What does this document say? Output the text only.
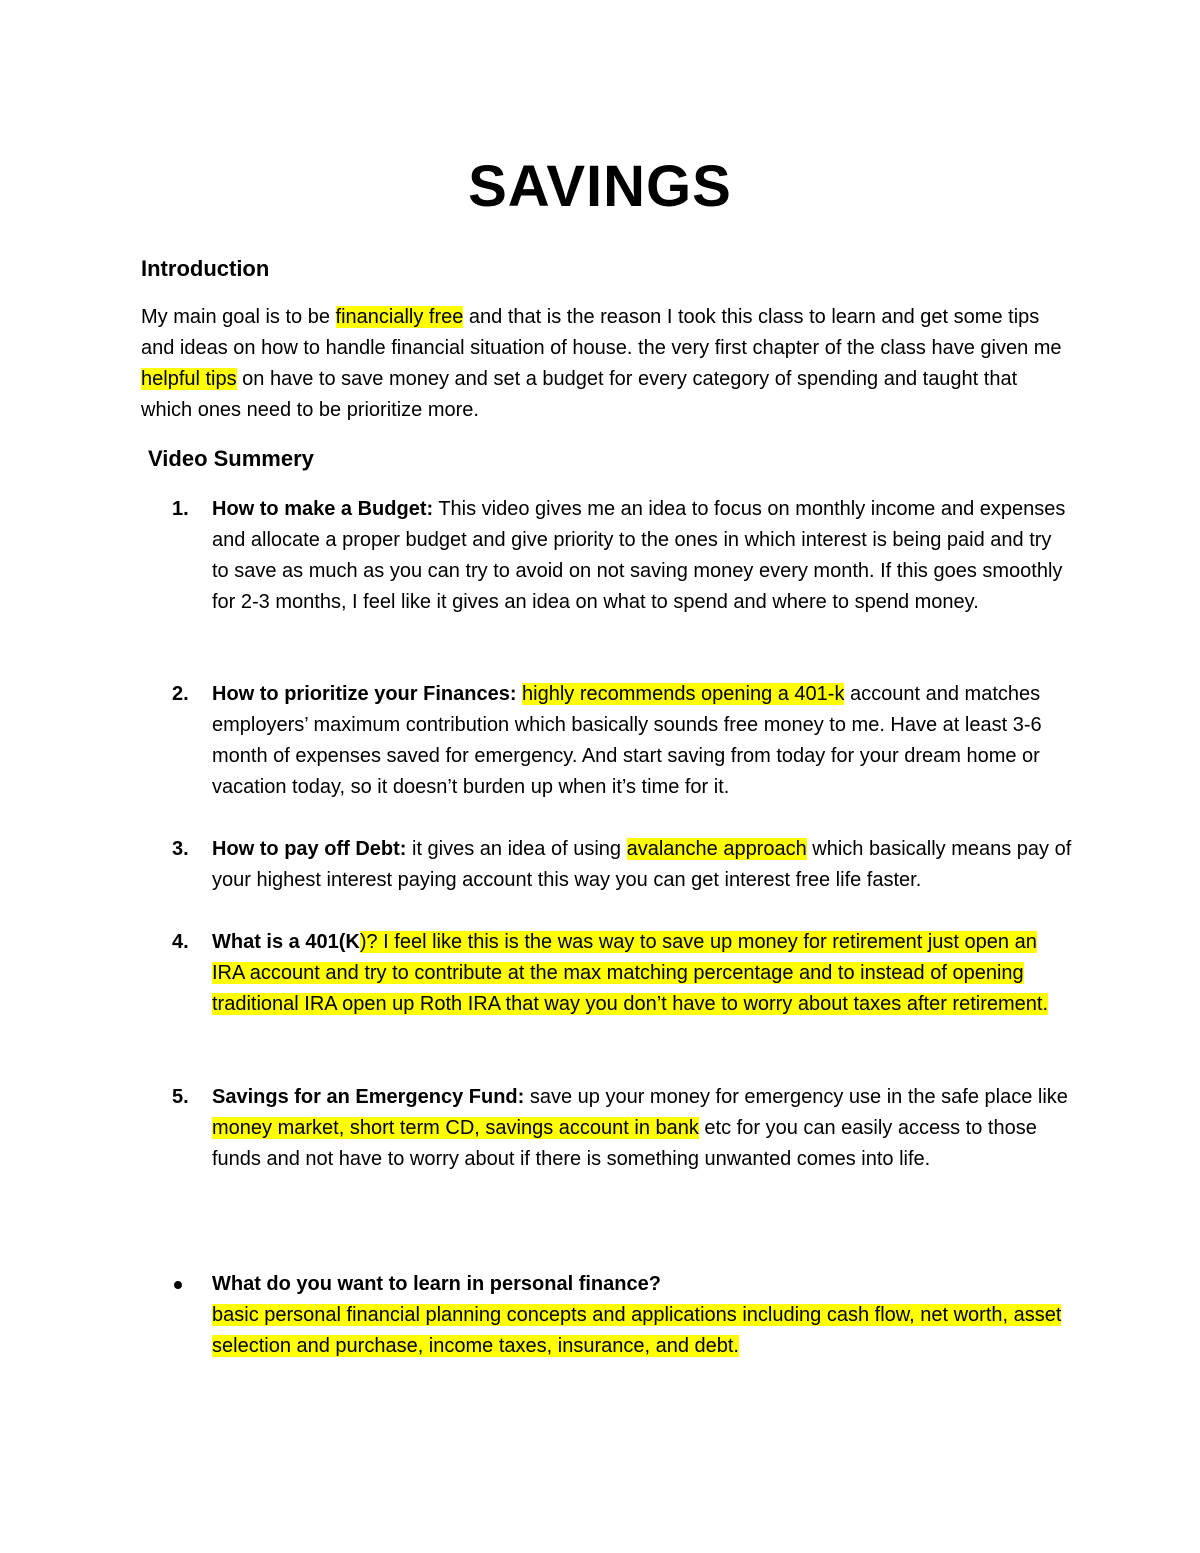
SAVINGS
Introduction
My main goal is to be financially free and that is the reason I took this class to learn and get some tips and ideas on how to handle financial situation of house. the very first chapter of the class have given me helpful tips on have to save money and set a budget for every category of spending and taught that which ones need to be prioritize more.
Video Summery
1. How to make a Budget: This video gives me an idea to focus on monthly income and expenses and allocate a proper budget and give priority to the ones in which interest is being paid and try to save as much as you can try to avoid on not saving money every month. If this goes smoothly for 2-3 months, I feel like it gives an idea on what to spend and where to spend money.
2. How to prioritize your Finances: highly recommends opening a 401-k account and matches employers’ maximum contribution which basically sounds free money to me. Have at least 3-6 month of expenses saved for emergency. And start saving from today for your dream home or vacation today, so it doesn’t burden up when it’s time for it.
3. How to pay off Debt: it gives an idea of using avalanche approach which basically means pay of your highest interest paying account this way you can get interest free life faster.
4. What is a 401(K)? I feel like this is the was way to save up money for retirement just open an IRA account and try to contribute at the max matching percentage and to instead of opening traditional IRA open up Roth IRA that way you don’t have to worry about taxes after retirement.
5. Savings for an Emergency Fund: save up your money for emergency use in the safe place like money market, short term CD, savings account in bank etc for you can easily access to those funds and not have to worry about if there is something unwanted comes into life.
What do you want to learn in personal finance?
basic personal financial planning concepts and applications including cash flow, net worth, asset selection and purchase, income taxes, insurance, and debt.
